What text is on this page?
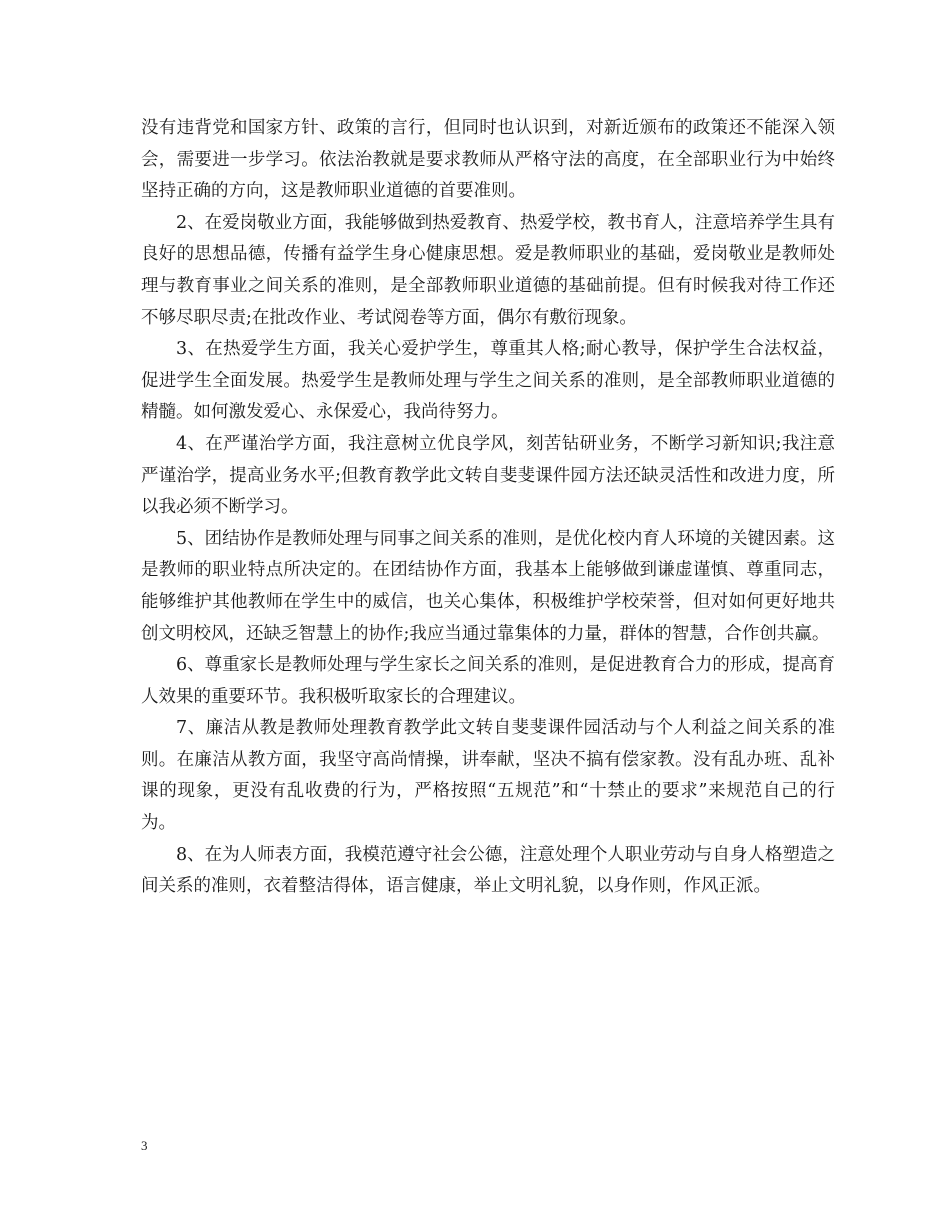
没有违背党和国家方针、政策的言行，但同时也认识到，对新近颁布的政策还不能深入领会，需要进一步学习。依法治教就是要求教师从严格守法的高度，在全部职业行为中始终坚持正确的方向，这是教师职业道德的首要准则。

2、在爱岗敬业方面，我能够做到热爱教育、热爱学校，教书育人，注意培养学生具有良好的思想品德，传播有益学生身心健康思想。爱是教师职业的基础，爱岗敬业是教师处理与教育事业之间关系的准则，是全部教师职业道德的基础前提。但有时候我对待工作还不够尽职尽责;在批改作业、考试阅卷等方面，偶尔有敷衍现象。

3、在热爱学生方面，我关心爱护学生，尊重其人格;耐心教导，保护学生合法权益，促进学生全面发展。热爱学生是教师处理与学生之间关系的准则，是全部教师职业道德的精髓。如何激发爱心、永保爱心，我尚待努力。

4、在严谨治学方面，我注意树立优良学风，刻苦钻研业务，不断学习新知识;我注意严谨治学，提高业务水平;但教育教学此文转自斐斐课件园方法还缺灵活性和改进力度，所以我必须不断学习。

5、团结协作是教师处理与同事之间关系的准则，是优化校内育人环境的关键因素。这是教师的职业特点所决定的。在团结协作方面，我基本上能够做到谦虚谨慎、尊重同志，能够维护其他教师在学生中的威信，也关心集体，积极维护学校荣誉，但对如何更好地共创文明校风，还缺乏智慧上的协作;我应当通过靠集体的力量，群体的智慧，合作创共赢。

6、尊重家长是教师处理与学生家长之间关系的准则，是促进教育合力的形成，提高育人效果的重要环节。我积极听取家长的合理建议。

7、廉洁从教是教师处理教育教学此文转自斐斐课件园活动与个人利益之间关系的准则。在廉洁从教方面，我坚守高尚情操，讲奉献，坚决不搞有偿家教。没有乱办班、乱补课的现象，更没有乱收费的行为，严格按照“五规范”和“十禁止的要求”来规范自己的行为。

8、在为人师表方面，我模范遵守社会公德，注意处理个人职业劳动与自身人格塑造之间关系的准则，衣着整洁得体，语言健康，举止文明礼貌，以身作则，作风正派。

3
